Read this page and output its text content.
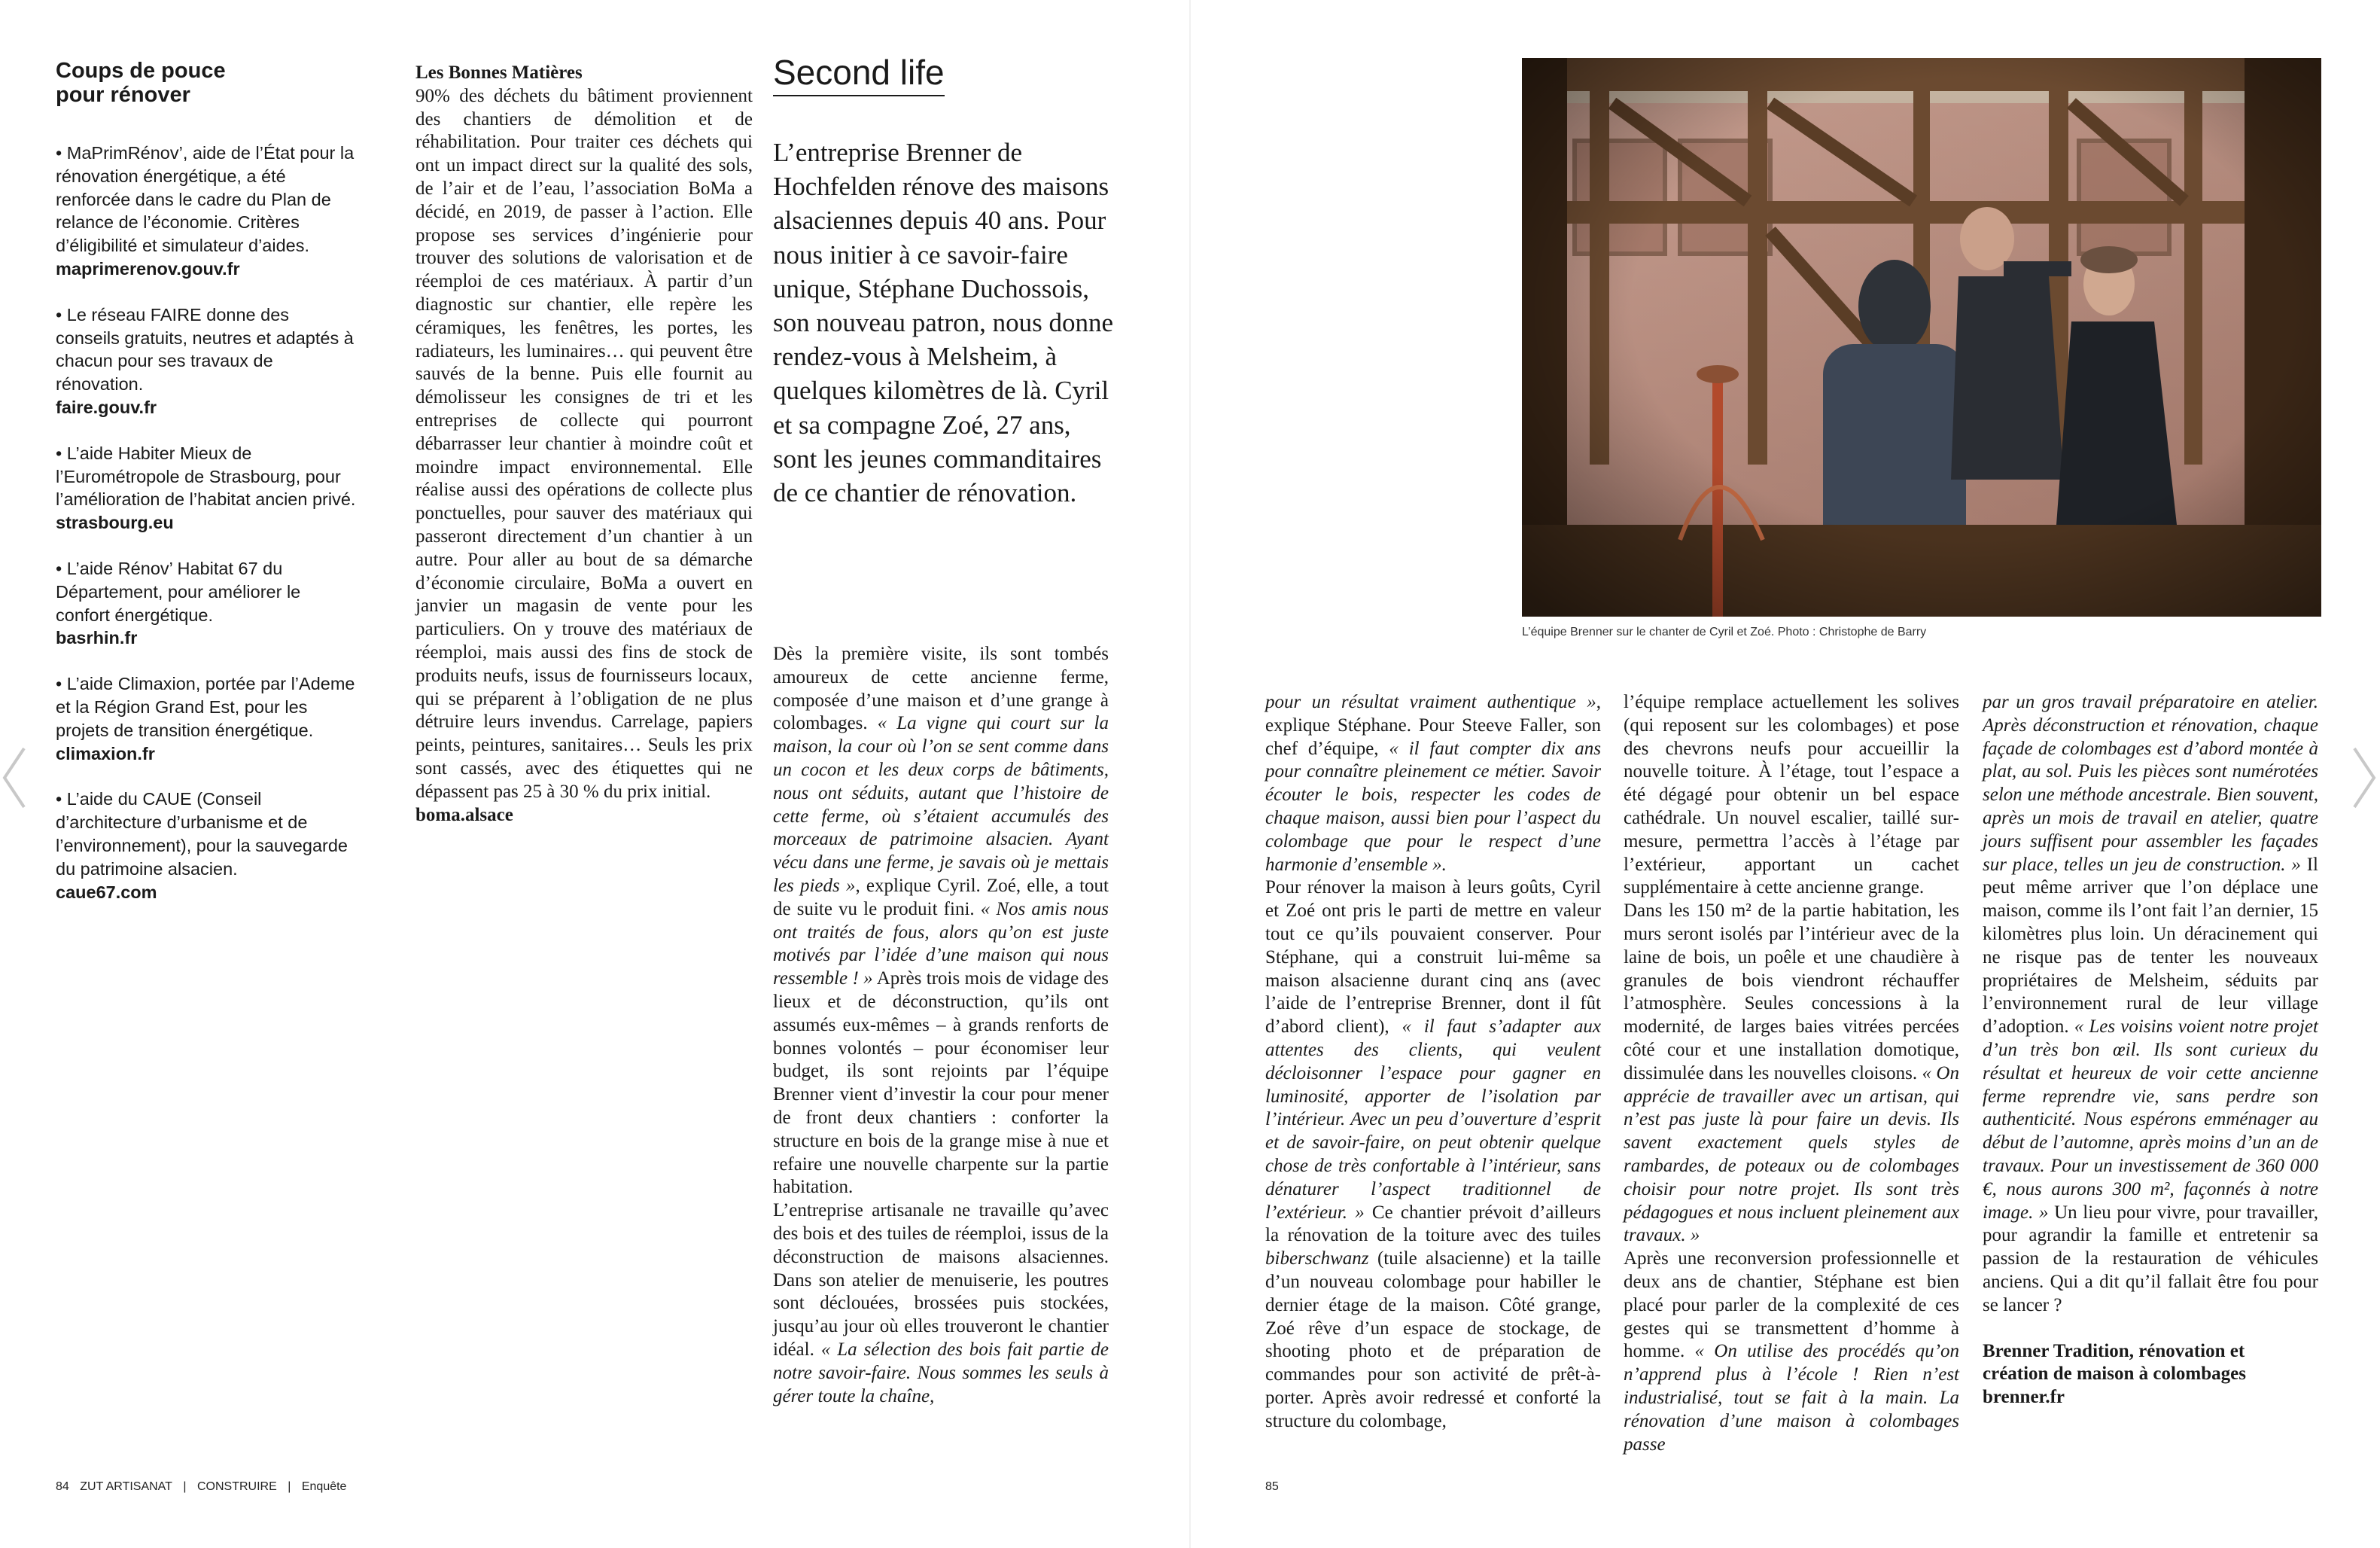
Coups de pouce
pour rénover
• MaPrimRénov’, aide de l’État pour la rénovation énergétique, a été renforcée dans le cadre du Plan de relance de l’économie. Critères d’éligibilité et simulateur d’aides.
maprimerenov.gouv.fr
• Le réseau FAIRE donne des conseils gratuits, neutres et adaptés à chacun pour ses travaux de rénovation.
faire.gouv.fr
• L’aide Habiter Mieux de l’Eurométropole de Strasbourg, pour l’amélioration de l’habitat ancien privé.
strasbourg.eu
• L’aide Rénov’ Habitat 67 du Département, pour améliorer le confort énergétique.
basrhin.fr
• L’aide Climaxion, portée par l’Ademe et la Région Grand Est, pour les projets de transition énergétique.
climaxion.fr
• L’aide du CAUE (Conseil d’architecture d’urbanisme et de l’environnement), pour la sauvegarde du patrimoine alsacien.
caue67.com
Les Bonnes Matières
90% des déchets du bâtiment proviennent des chantiers de démolition et de réhabilitation. Pour traiter ces déchets qui ont un impact direct sur la qualité des sols, de l’air et de l’eau, l’association BoMa a décidé, en 2019, de passer à l’action. Elle propose ses services d’ingénierie pour trouver des solutions de valorisation et de réemploi de ces matériaux. À partir d’un diagnostic sur chantier, elle repère les céramiques, les fenêtres, les portes, les radiateurs, les luminaires… qui peuvent être sauvés de la benne. Puis elle fournit au démolisseur les consignes de tri et les entreprises de collecte qui pourront débarrasser leur chantier à moindre coût et moindre impact environnemental. Elle réalise aussi des opérations de collecte plus ponctuelles, pour sauver des matériaux qui passeront directement d’un chantier à un autre. Pour aller au bout de sa démarche d’économie circulaire, BoMa a ouvert en janvier un magasin de vente pour les particuliers. On y trouve des matériaux de réemploi, mais aussi des fins de stock de produits neufs, issus de fournisseurs locaux, qui se préparent à l’obligation de ne plus détruire leurs invendus. Carrelage, papiers peints, peintures, sanitaires… Seuls les prix sont cassés, avec des étiquettes qui ne dépassent pas 25 à 30 % du prix initial.
boma.alsace
Second life
L’entreprise Brenner de Hochfelden rénove des maisons alsaciennes depuis 40 ans. Pour nous initier à ce savoir-faire unique, Stéphane Duchossois, son nouveau patron, nous donne rendez-vous à Melsheim, à quelques kilomètres de là. Cyril et sa compagne Zoé, 27 ans, sont les jeunes commanditaires de ce chantier de rénovation.

Dès la première visite, ils sont tombés amoureux de cette ancienne ferme, composée d’une maison et d’une grange à colombages. « La vigne qui court sur la maison, la cour où l’on se sent comme dans un cocon et les deux corps de bâtiments, nous ont séduits, autant que l’histoire de cette ferme, où s’étaient accumulés des morceaux de patrimoine alsacien. Ayant vécu dans une ferme, je savais où je mettais les pieds », explique Cyril. Zoé, elle, a tout de suite vu le produit fini. « Nos amis nous ont traités de fous, alors qu’on est juste motivés par l’idée d’une maison qui nous ressemble ! » Après trois mois de vidage des lieux et de déconstruction, qu’ils ont assumés eux-mêmes – à grands renforts de bonnes volontés – pour économiser leur budget, ils sont rejoints par l’équipe Brenner vient d’investir la cour pour mener de front deux chantiers : conforter la structure en bois de la grange mise à nue et refaire une nouvelle charpente sur la partie habitation.
L’entreprise artisanale ne travaille qu’avec des bois et des tuiles de réemploi, issus de la déconstruction de maisons alsaciennes. Dans son atelier de menuiserie, les poutres sont déclouées, brossées puis stockées, jusqu’au jour où elles trouveront le chantier idéal. « La sélection des bois fait partie de notre savoir-faire. Nous sommes les seuls à gérer toute la chaîne,

84 ZUT ARTISANAT | CONSTRUIRE | Enquête
L’équipe Brenner sur le chanter de Cyril et Zoé. Photo : Christophe de Barry

pour un résultat vraiment authentique », explique Stéphane. Pour Steeve Faller, son chef d’équipe, « il faut compter dix ans pour connaître pleinement ce métier. Savoir écouter le bois, respecter les codes de chaque maison, aussi bien pour l’aspect du colombage que pour le respect d’une harmonie d’ensemble ».
Pour rénover la maison à leurs goûts, Cyril et Zoé ont pris le parti de mettre en valeur tout ce qu’ils pouvaient conserver. Pour Stéphane, qui a construit lui-même sa maison alsacienne durant cinq ans (avec l’aide de l’entreprise Brenner, dont il fût d’abord client), « il faut s’adapter aux attentes des clients, qui veulent décloisonner l’espace pour gagner en luminosité, apporter de l’isolation par l’intérieur. Avec un peu d’ouverture d’esprit et de savoir-faire, on peut obtenir quelque chose de très confortable à l’intérieur, sans dénaturer l’aspect traditionnel de l’extérieur. » Ce chantier prévoit d’ailleurs la rénovation de la toiture avec des tuiles biberschwanz (tuile alsacienne) et la taille d’un nouveau colombage pour habiller le dernier étage de la maison. Côté grange, Zoé rêve d’un espace de stockage, de shooting photo et de préparation de commandes pour son activité de prêt-à-porter. Après avoir redressé et conforté la structure du colombage,

l’équipe remplace actuellement les solives (qui reposent sur les colombages) et pose des chevrons neufs pour accueillir la nouvelle toiture. À l’étage, tout l’espace a été dégagé pour obtenir un bel espace cathédrale. Un nouvel escalier, taillé sur-mesure, permettra l’accès à l’étage par l’extérieur, apportant un cachet supplémentaire à cette ancienne grange.
Dans les 150 m² de la partie habitation, les murs seront isolés par l’intérieur avec de la laine de bois, un poêle et une chaudière à granules de bois viendront réchauffer l’atmosphère. Seules concessions à la modernité, de larges baies vitrées percées côté cour et une installation domotique, dissimulée dans les nouvelles cloisons. « On apprécie de travailler avec un artisan, qui n’est pas juste là pour faire un devis. Ils savent exactement quels styles de rambardes, de poteaux ou de colombages choisir pour notre projet. Ils sont très pédagogues et nous incluent pleinement aux travaux. »
Après une reconversion professionnelle et deux ans de chantier, Stéphane est bien placé pour parler de la complexité de ces gestes qui se transmettent d’homme à homme. « On utilise des procédés qu’on n’apprend plus à l’école ! Rien n’est industrialisé, tout se fait à la main. La rénovation d’une maison à colombages passe

par un gros travail préparatoire en atelier. Après déconstruction et rénovation, chaque façade de colombages est d’abord montée à plat, au sol. Puis les pièces sont numérotées selon une méthode ancestrale. Bien souvent, après un mois de travail en atelier, quatre jours suffisent pour assembler les façades sur place, telles un jeu de construction. » Il peut même arriver que l’on déplace une maison, comme ils l’ont fait l’an dernier, 15 kilomètres plus loin. Un déracinement qui ne risque pas de tenter les nouveaux propriétaires de Melsheim, séduits par l’environnement rural de leur village d’adoption. « Les voisins voient notre projet d’un très bon œil. Ils sont curieux du résultat et heureux de voir cette ancienne ferme reprendre vie, sans perdre son authenticité. Nous espérons emménager au début de l’automne, après moins d’un an de travaux. Pour un investissement de 360 000 €, nous aurons 300 m², façonnés à notre image. » Un lieu pour vivre, pour travailler, pour agrandir la famille et entretenir sa passion de la restauration de véhicules anciens. Qui a dit qu’il fallait être fou pour se lancer ?

Brenner Tradition, rénovation et
création de maison à colombages
brenner.fr

85
